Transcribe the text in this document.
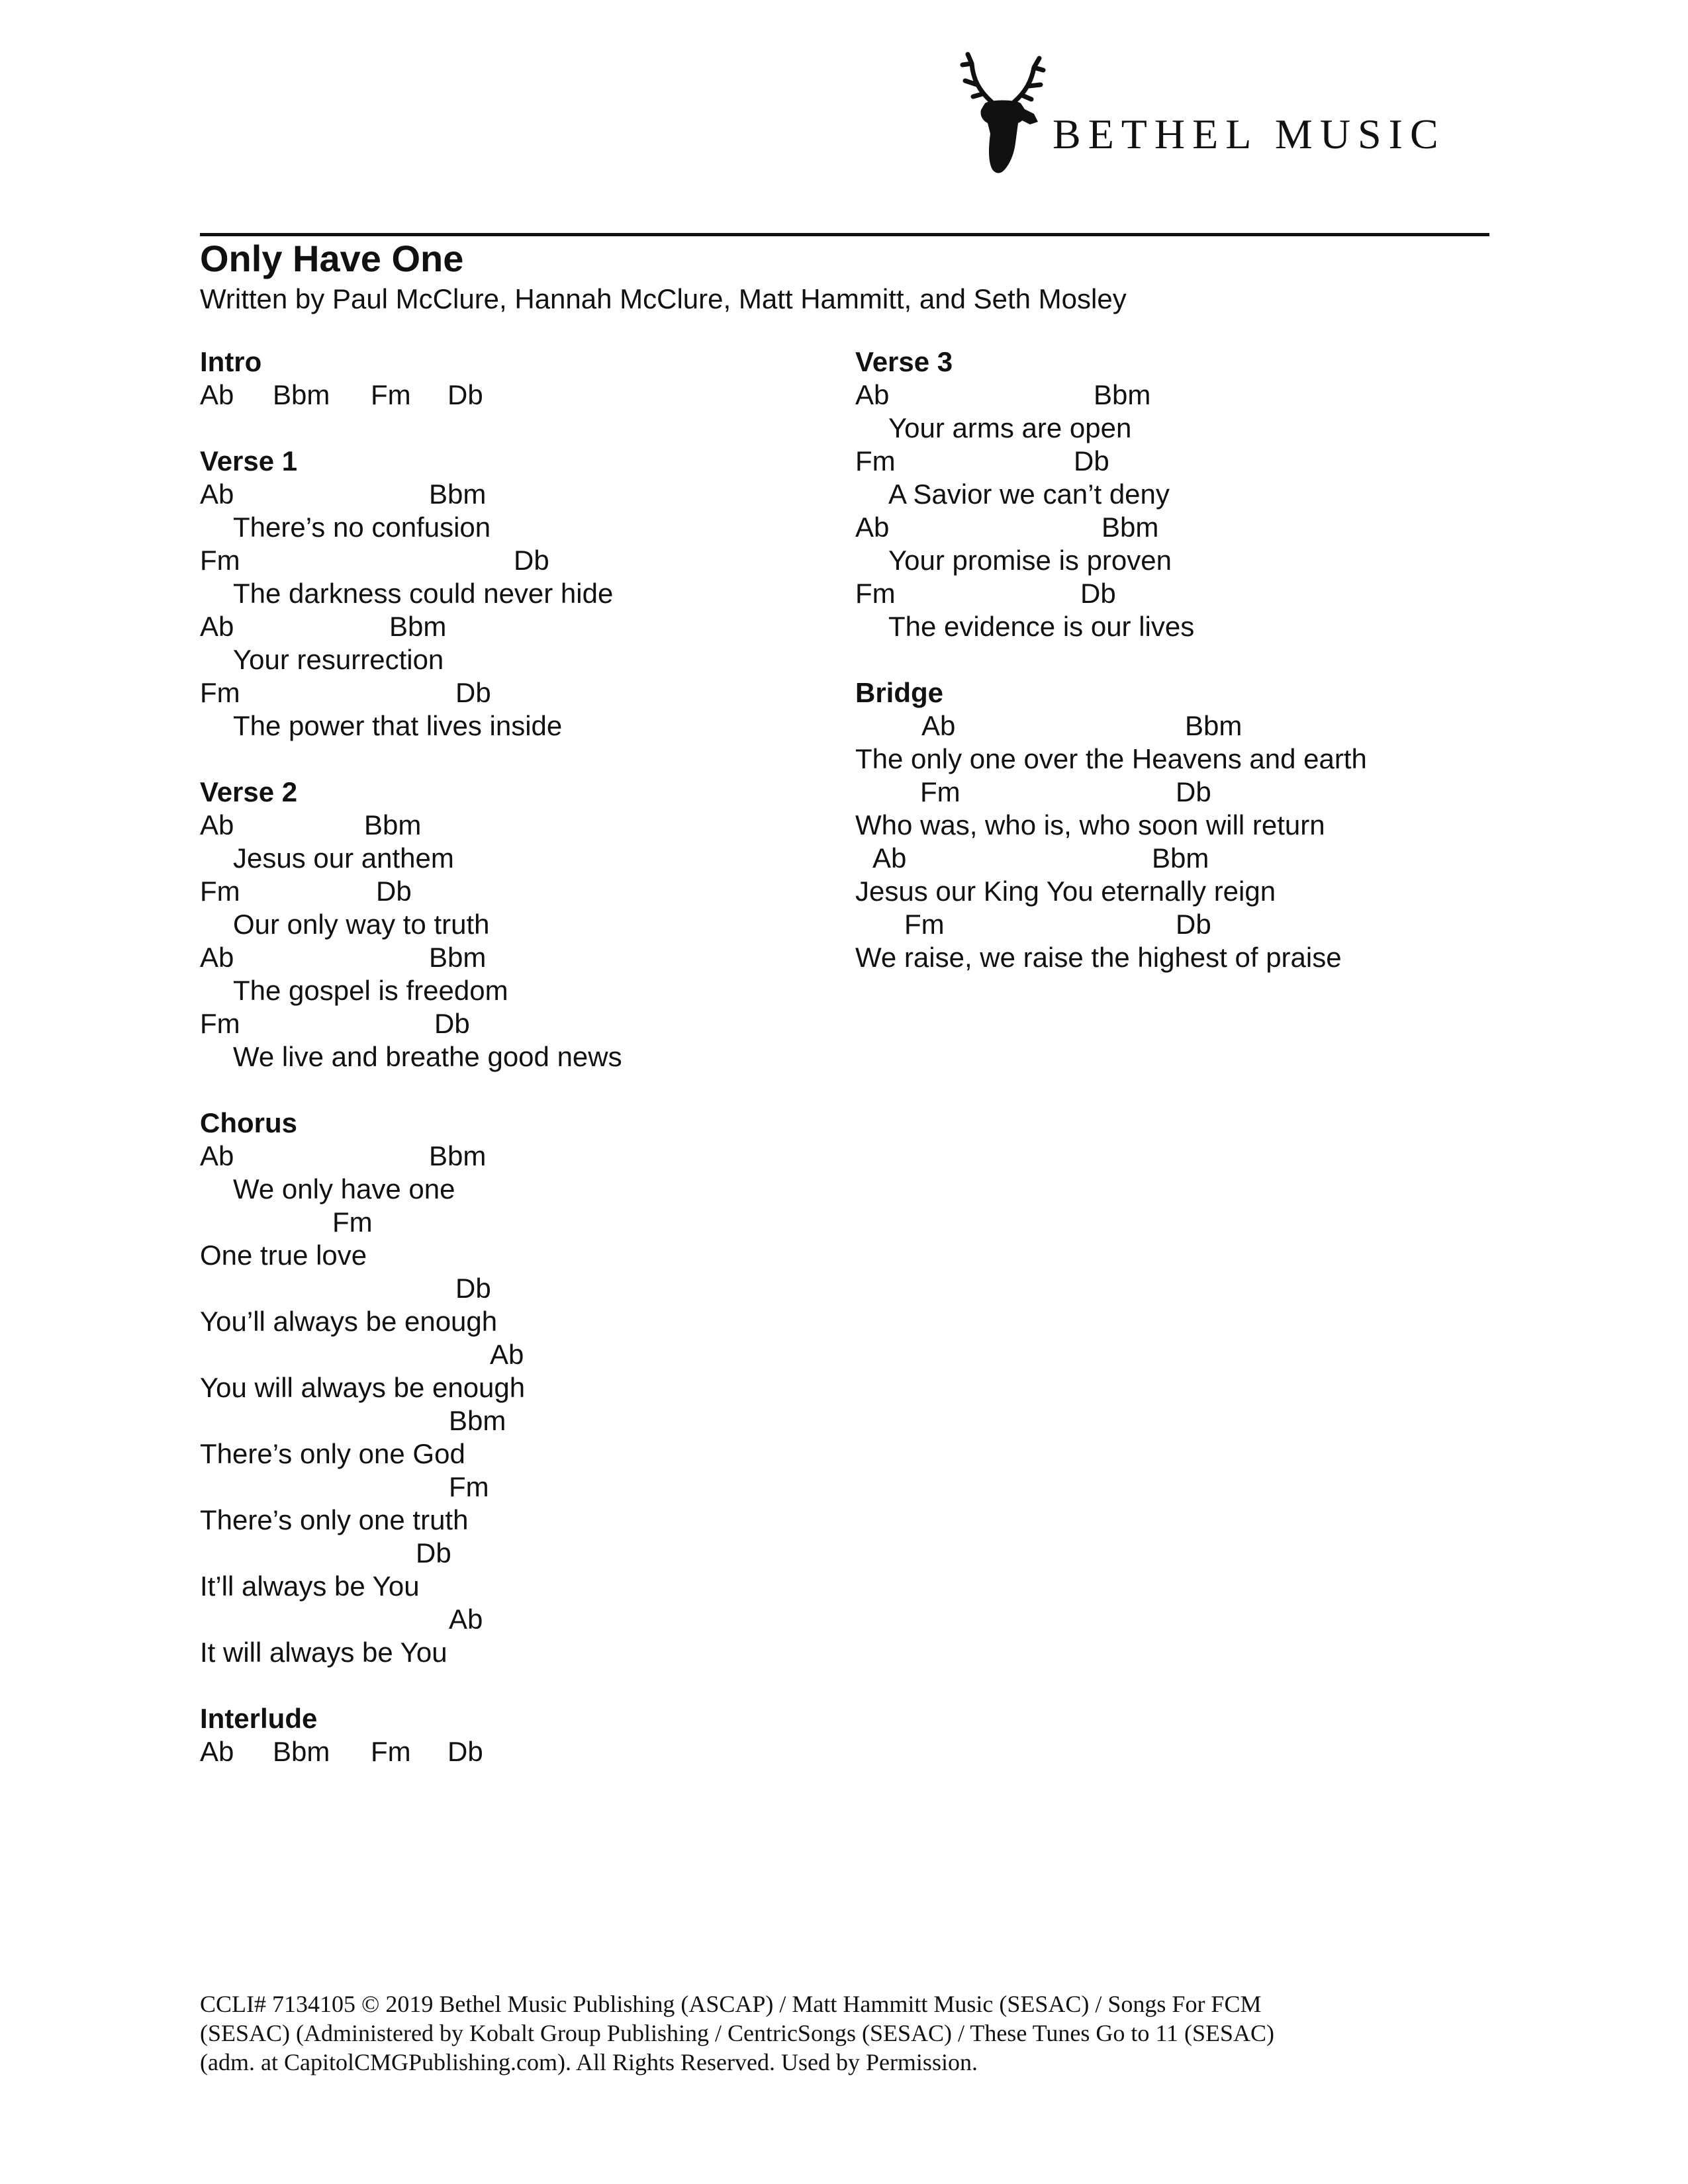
BETHEL MUSIC
Only Have One
Written by Paul McClure, Hannah McClure, Matt Hammitt, and Seth Mosley
Intro

Ab

Bbm

Fm

Db

Verse 1

Ab

	Bbm

There’s no confusion

Fm

	Db

The darkness could never hide

Ab

	Bbm

Your resurrection

Fm

	Db

The power that lives inside
Verse 2

Ab

	Bbm

Jesus our anthem

Fm

	Db

Our only way to truth

Ab

	Bbm

The gospel is freedom

Fm

	Db

We live and breathe good news
Chorus

Ab

	Bbm

We only have one

Fm

One true love

Db

You’ll always be enough

Ab

You will always be enough

Bbm

There’s only one God

Fm

There’s only one truth

Db

It’ll always be You

Ab

It will always be You
Interlude

Ab

Bbm

Fm

Db

Verse 3

Ab

	Bbm

Your arms are open

Fm

	Db

A Savior we can’t deny

Ab

	Bbm

Your promise is proven

Fm

	Db

The evidence is our lives
Bridge

Ab

	Bbm

The only one over the Heavens and earth

Fm

	Db

Who was, who is, who soon will return

Ab

	Bbm

Jesus our King You eternally reign

Fm

	Db

We raise, we raise the highest of praise
CCLI# 7134105 © 2019 Bethel Music Publishing (ASCAP) / Matt Hammitt Music (SESAC) / Songs For FCM
(SESAC) (Administered by Kobalt Group Publishing / CentricSongs (SESAC) / These Tunes Go to 11 (SESAC)
(adm. at CapitolCMGPublishing.com). All Rights Reserved. Used by Permission.
